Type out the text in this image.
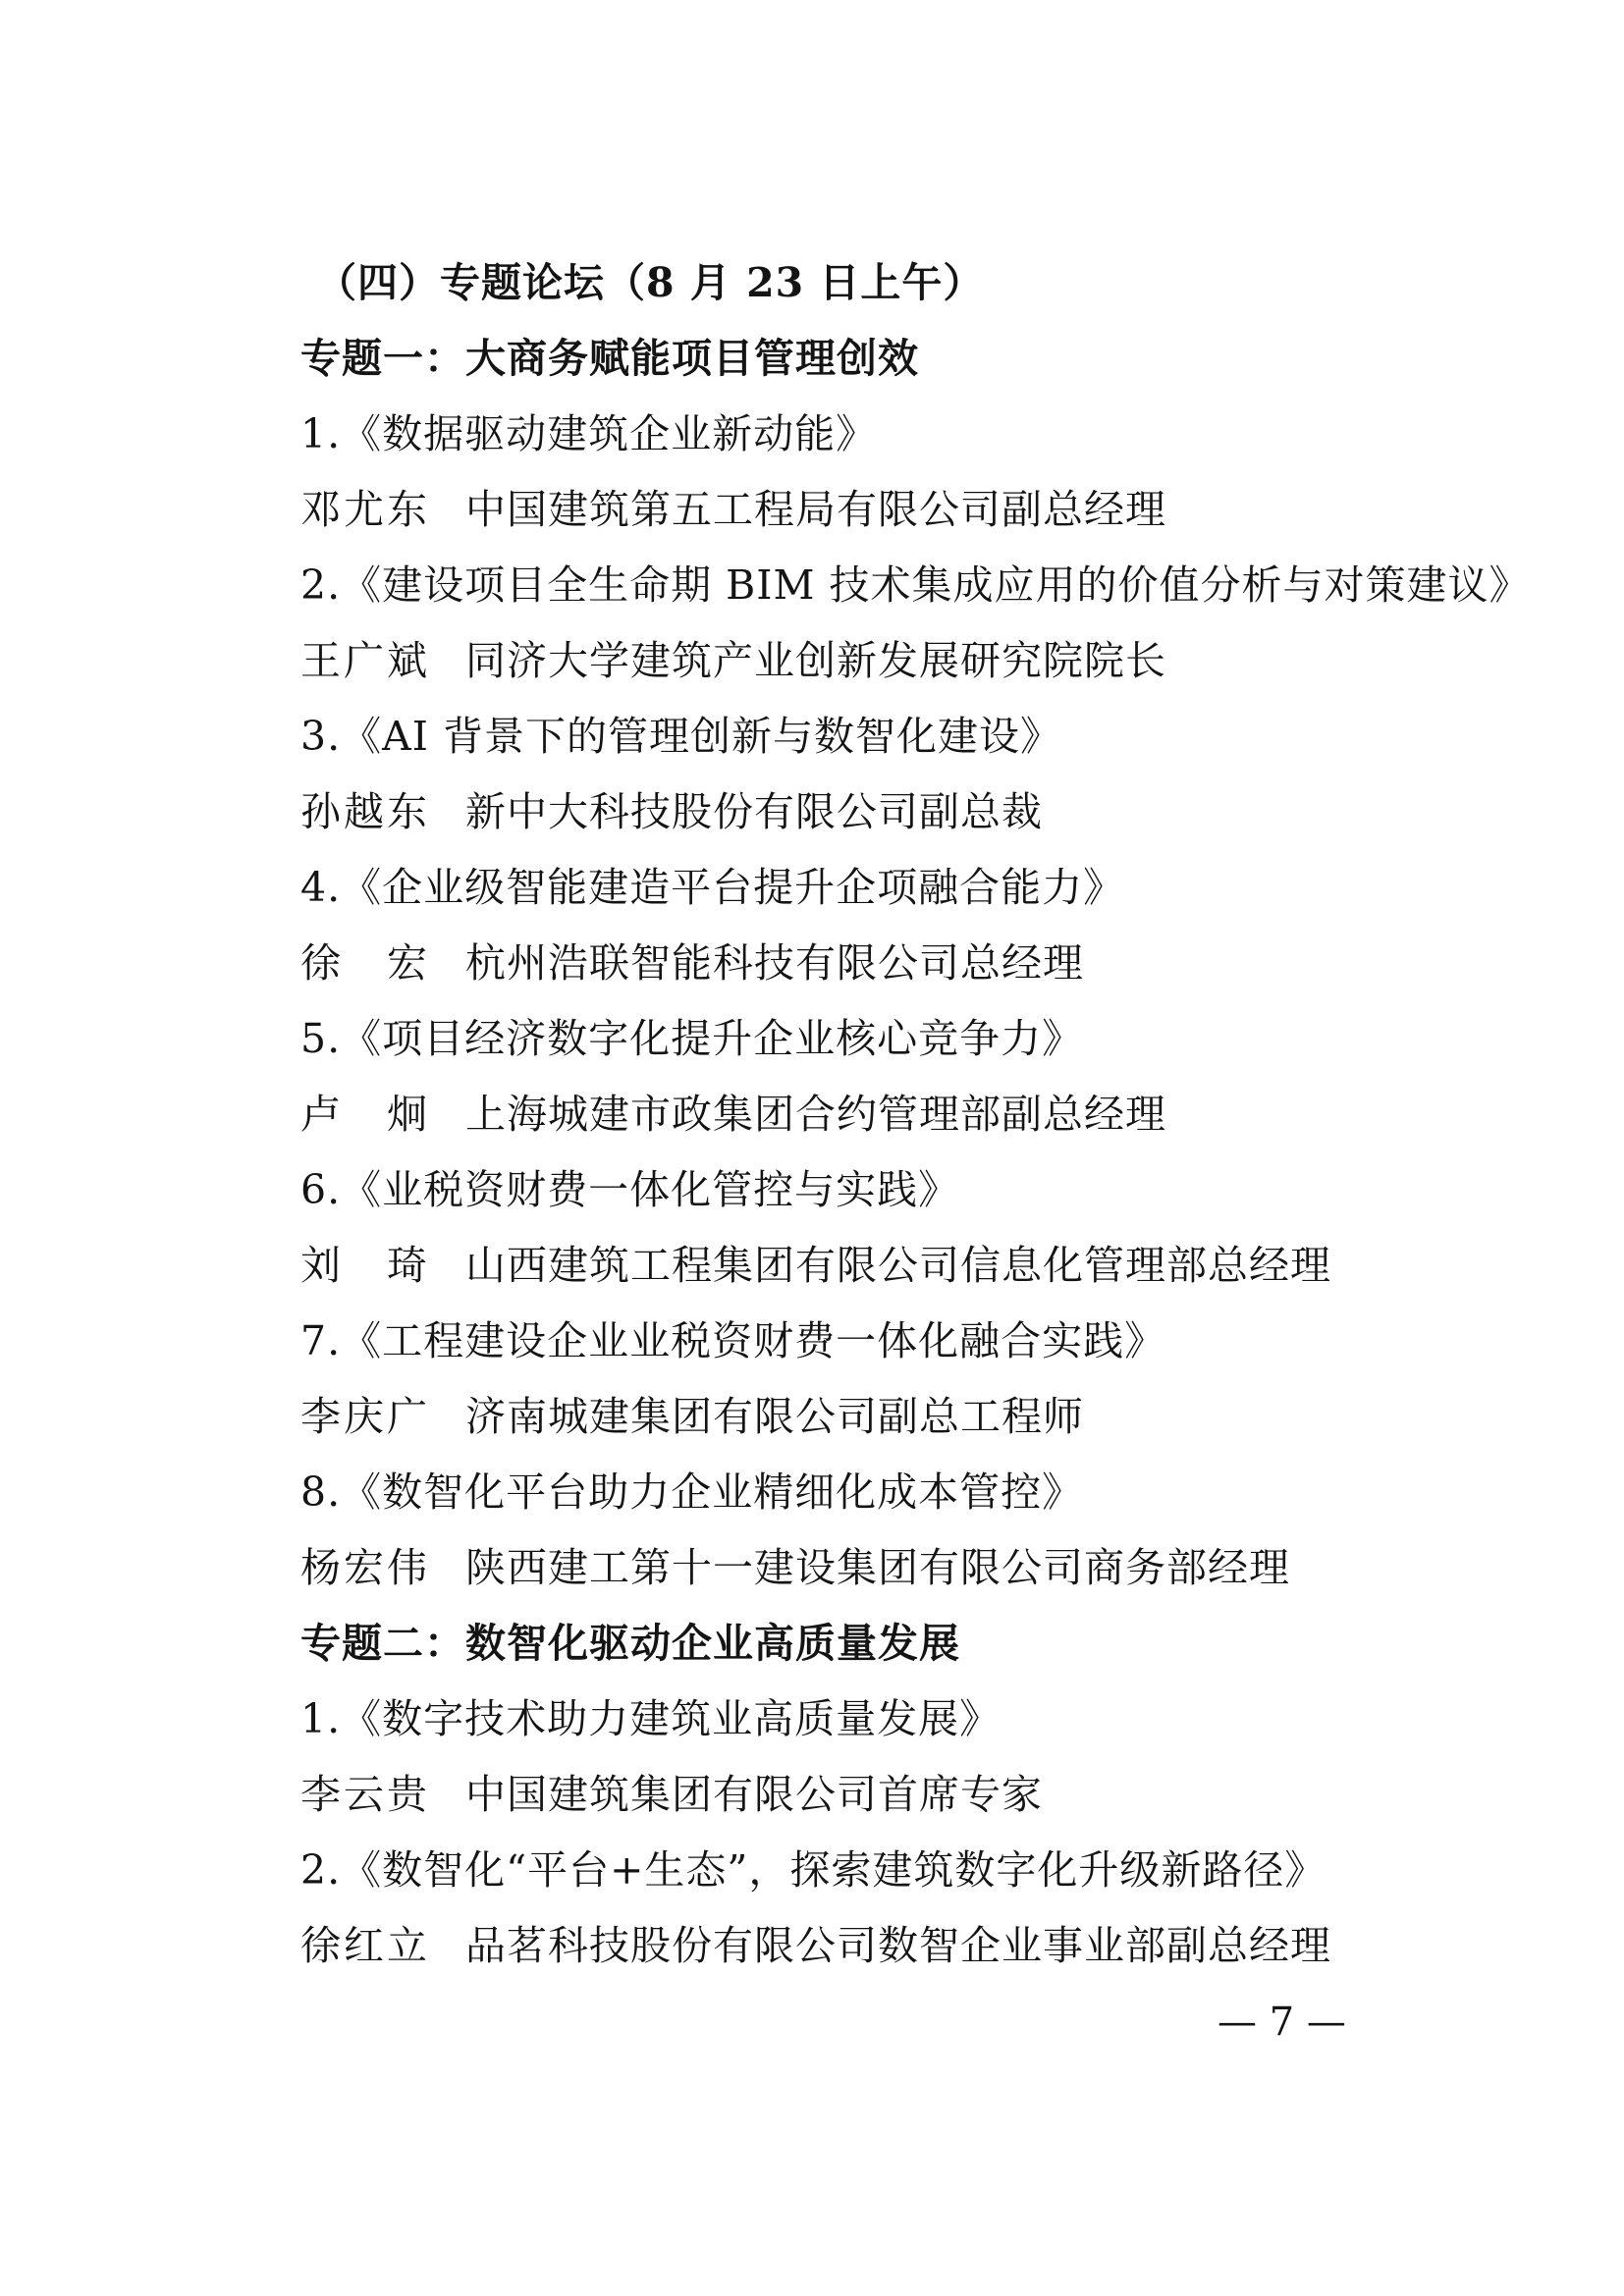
（四）专题论坛（8 月 23 日上午）
专题一：大商务赋能项目管理创效
1.《数据驱动建筑企业新动能》
邓尤东 中国建筑第五工程局有限公司副总经理
2.《建设项目全生命期 BIM 技术集成应用的价值分析与对策建议》
王广斌 同济大学建筑产业创新发展研究院院长
3.《AI 背景下的管理创新与数智化建设》
孙越东 新中大科技股份有限公司副总裁
4.《企业级智能建造平台提升企项融合能力》
徐　宏 杭州浩联智能科技有限公司总经理
5.《项目经济数字化提升企业核心竞争力》
卢　炯 上海城建市政集团合约管理部副总经理
6.《业税资财费一体化管控与实践》
刘　琦 山西建筑工程集团有限公司信息化管理部总经理
7.《工程建设企业业税资财费一体化融合实践》
李庆广 济南城建集团有限公司副总工程师
8.《数智化平台助力企业精细化成本管控》
杨宏伟 陕西建工第十一建设集团有限公司商务部经理
专题二：数智化驱动企业高质量发展
1.《数字技术助力建筑业高质量发展》
李云贵 中国建筑集团有限公司首席专家
2.《数智化“平台+生态”，探索建筑数字化升级新路径》
徐红立 品茗科技股份有限公司数智企业事业部副总经理
— 7 —
